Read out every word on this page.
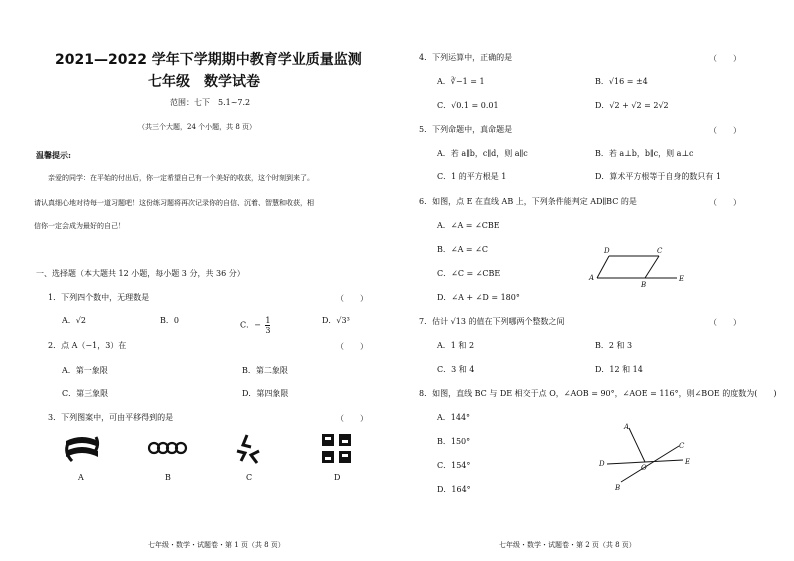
2021—2022 学年下学期期中教育学业质量监测
七年级　数学试卷
范围：七下　5.1~7.2
（共三个大题，24 个小题，共 8 页）
温馨提示:
亲爱的同学：在平始的付出后，你一定希望自己有一个美好的收获，这个时刻到来了。
请认真细心地对待每一道习题吧！这份练习题将再次记录你的自信、沉着、智慧和收获，相
信你一定会成为最好的自己！
一、选择题（本大题共 12 小题，每小题 3 分，共 36 分）
1．下列四个数中，无理数是	（　　）
A．√2	B．0	C．− $\frac{1}{3}$	D．√3³
2．点 A（−1，3）在	（　　）
A．第一象限	B．第二象限
C．第三象限	D．第四象限
3．下列图案中，可由平移得到的是	（　　）
A	B	C	D
七年级・数学・试题卷・第 1 页（共 8 页）
4．下列运算中，正确的是	（　　）
A．∛−1 = 1	B．√16 = ±4
C．√0.1 = 0.01	D．√2 + √2 = 2√2
5．下列命题中，真命题是	（　　）
A．若 a∥b，c∥d，则 a∥c	B．若 a⊥b，b∥c，则 a⊥c
C．1 的平方根是 1	D．算术平方根等于自身的数只有 1
6．如图，点 E 在直线 AB 上，下列条件能判定 AD∥BC 的是	（　　）
A．∠A = ∠CBE
B．∠A = ∠C
C．∠C = ∠CBE
D．∠A + ∠D = 180°
D	C
A
B
E
7．估计 √13 的值在下列哪两个整数之间	（　　）
A．1 和 2	B．2 和 3
C．3 和 4	D．12 和 14
8．如图，直线 BC 与 DE 相交于点 O，∠AOB = 90°，∠AOE = 116°，则∠BOE 的度数为(　　)
A．144°
B．150°
C．154°
D．164°
A
C
D	O
E
B
七年级・数学・试题卷・第 2 页（共 8 页）
